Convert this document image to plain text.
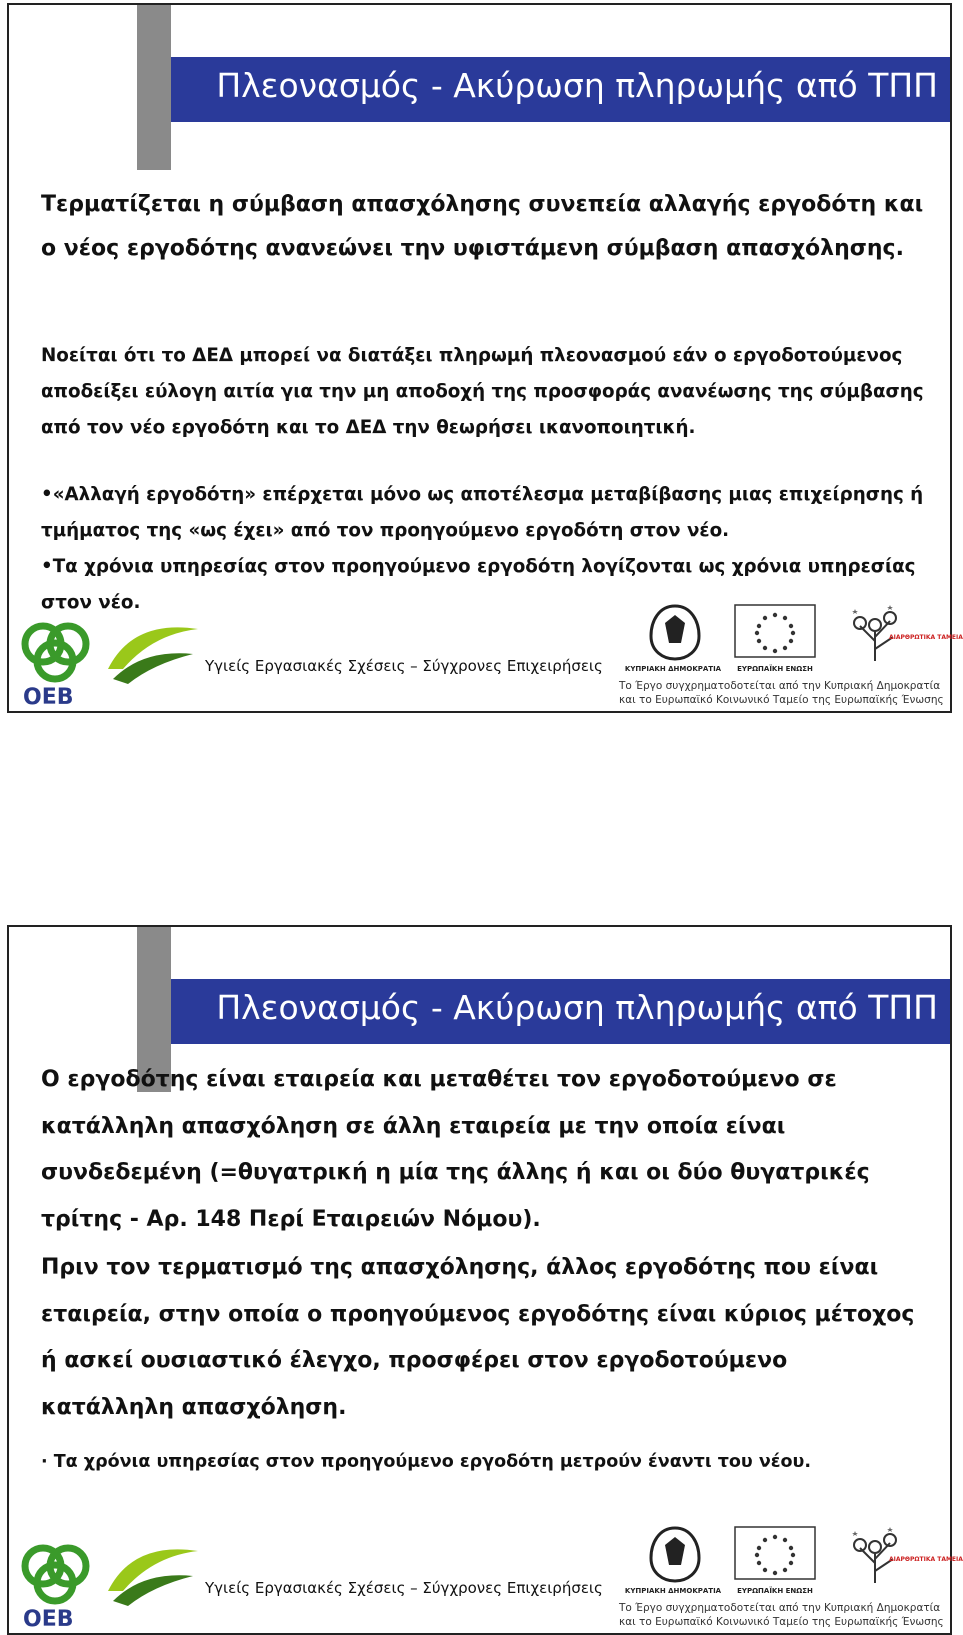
Πλεονασμός - Ακύρωση πληρωμής από ΤΠΠ

Τερματίζεται η σύμβαση απασχόλησης συνεπεία αλλαγής εργοδότη και ο νέος εργοδότης ανανεώνει την υφιστάμενη σύμβαση απασχόλησης.

Νοείται ότι το ΔΕΔ μπορεί να διατάξει πληρωμή πλεονασμού εάν ο εργοδοτούμενος αποδείξει εύλογη αιτία για την μη αποδοχή της προσφοράς ανανέωσης της σύμβασης από τον νέο εργοδότη και το ΔΕΔ την θεωρήσει ικανοποιητική.

•«Αλλαγή εργοδότη» επέρχεται μόνο ως αποτέλεσμα μεταβίβασης μιας επιχείρησης ή τμήματος της «ως έχει» από τον προηγούμενο εργοδότη στον νέο.

•Τα χρόνια υπηρεσίας στον προηγούμενο εργοδότη λογίζονται ως χρόνια υπηρεσίας στον νέο.

Υγιείς Εργασιακές Σχέσεις – Σύγχρονες Επιχειρήσεις
ΟΕΒ
ΚΥΠΡΙΑΚΗ ΔΗΜΟΚΡΑΤΙΑ	ΕΥΡΩΠΑΪΚΗ ΕΝΩΣΗ
ΔΙΑΡΘΡΩΤΙΚΑ ΤΑΜΕΙΑ
Το Έργο συγχρηματοδοτείται από την Κυπριακή Δημοκρατία και το Ευρωπαϊκό Κοινωνικό Ταμείο της Ευρωπαϊκής Ένωσης
Πλεονασμός - Ακύρωση πληρωμής από ΤΠΠ

Ο εργοδότης είναι εταιρεία και μεταθέτει τον εργοδοτούμενο σε κατάλληλη απασχόληση σε άλλη εταιρεία με την οποία είναι συνδεδεμένη (=θυγατρική η μία της άλλης ή και οι δύο θυγατρικές τρίτης - Αρ. 148 Περί Εταιρειών Νόμου).

Πριν τον τερματισμό της απασχόλησης, άλλος εργοδότης που είναι εταιρεία, στην οποία ο προηγούμενος εργοδότης είναι κύριος μέτοχος ή ασκεί ουσιαστικό έλεγχο, προσφέρει στον εργοδοτούμενο κατάλληλη απασχόληση.

· Τα χρόνια υπηρεσίας στον προηγούμενο εργοδότη μετρούν έναντι του νέου.

Υγιείς Εργασιακές Σχέσεις – Σύγχρονες Επιχειρήσεις
ΟΕΒ
ΚΥΠΡΙΑΚΗ ΔΗΜΟΚΡΑΤΙΑ	ΕΥΡΩΠΑΪΚΗ ΕΝΩΣΗ
ΔΙΑΡΘΡΩΤΙΚΑ ΤΑΜΕΙΑ
Το Έργο συγχρηματοδοτείται από την Κυπριακή Δημοκρατία και το Ευρωπαϊκό Κοινωνικό Ταμείο της Ευρωπαϊκής Ένωσης
